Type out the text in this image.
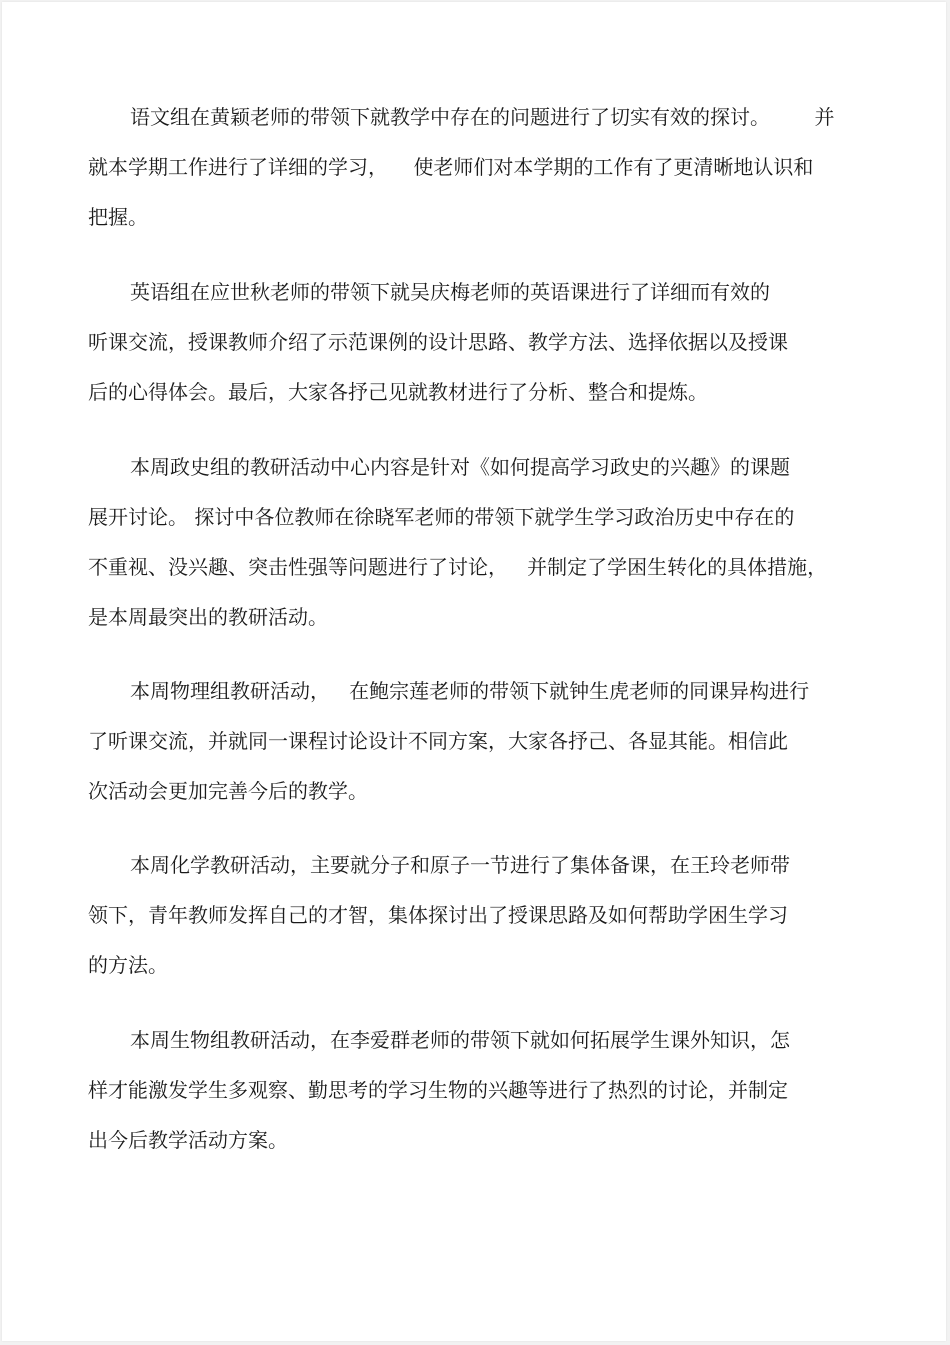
语文组在黄颖老师的带领下就教学中存在的问题进行了切实有效的探讨。       并
就本学期工作进行了详细的学习，    使老师们对本学期的工作有了更清晰地认识和
把握。
英语组在应世秋老师的带领下就吴庆梅老师的英语课进行了详细而有效的
听课交流，授课教师介绍了示范课例的设计思路、教学方法、选择依据以及授课
后的心得体会。最后，大家各抒己见就教材进行了分析、整合和提炼。
本周政史组的教研活动中心内容是针对《如何提高学习政史的兴趣》的课题
展开讨论。 探讨中各位教师在徐晓军老师的带领下就学生学习政治历史中存在的
不重视、没兴趣、突击性强等问题进行了讨论，   并制定了学困生转化的具体措施，
是本周最突出的教研活动。
本周物理组教研活动，   在鲍宗莲老师的带领下就钟生虎老师的同课异构进行
了听课交流，并就同一课程讨论设计不同方案，大家各抒己、各显其能。相信此
次活动会更加完善今后的教学。
本周化学教研活动，主要就分子和原子一节进行了集体备课，在王玲老师带
领下，青年教师发挥自己的才智，集体探讨出了授课思路及如何帮助学困生学习
的方法。
本周生物组教研活动，在李爱群老师的带领下就如何拓展学生课外知识，怎
样才能激发学生多观察、勤思考的学习生物的兴趣等进行了热烈的讨论，并制定
出今后教学活动方案。
